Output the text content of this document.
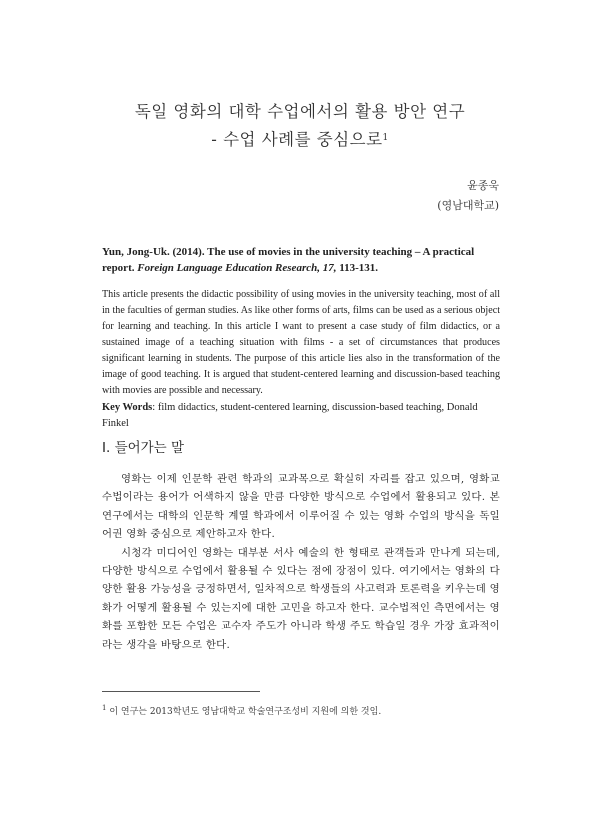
독일 영화의 대학 수업에서의 활용 방안 연구
- 수업 사례를 중심으로$^1$
윤종욱
(영남대학교)
Yun, Jong-Uk. (2014). The use of movies in the university teaching – A practical report. Foreign Language Education Research, 17, 113-131.
This article presents the didactic possibility of using movies in the university teaching, most of all in the faculties of german studies. As like other forms of arts, films can be used as a serious object for learning and teaching. In this article I want to present a case study of film didactics, or a sustained image of a teaching situation with films - a set of circumstances that produces significant learning in students. The purpose of this article lies also in the transformation of the image of good teaching. It is argued that student-centered learning and discussion-based teaching with movies are possible and necessary.
Key Words: film didactics, student-centered learning, discussion-based teaching, Donald Finkel
I. 들어가는 말

영화는 이제 인문학 관련 학과의 교과목으로 확실히 자리를 잡고 있으며, 영화교수법이라는 용어가 어색하지 않을 만큼 다양한 방식으로 수업에서 활용되고 있다. 본 연구에서는 대학의 인문학 계열 학과에서 이루어질 수 있는 영화 수업의 방식을 독일어권 영화 중심으로 제안하고자 한다.

시청각 미디어인 영화는 대부분 서사 예술의 한 형태로 관객들과 만나게 되는데, 다양한 방식으로 수업에서 활용될 수 있다는 점에 장점이 있다. 여기에서는 영화의 다양한 활용 가능성을 긍정하면서, 일차적으로 학생들의 사고력과 토론력을 키우는데 영화가 어떻게 활용될 수 있는지에 대한 고민을 하고자 한다. 교수법적인 측면에서는 영화를 포함한 모든 수업은 교수자 주도가 아니라 학생 주도 학습일 경우 가장 효과적이라는 생각을 바탕으로 한다.

$^1$ 이 연구는 2013학년도 영남대학교 학술연구조성비 지원에 의한 것임.
